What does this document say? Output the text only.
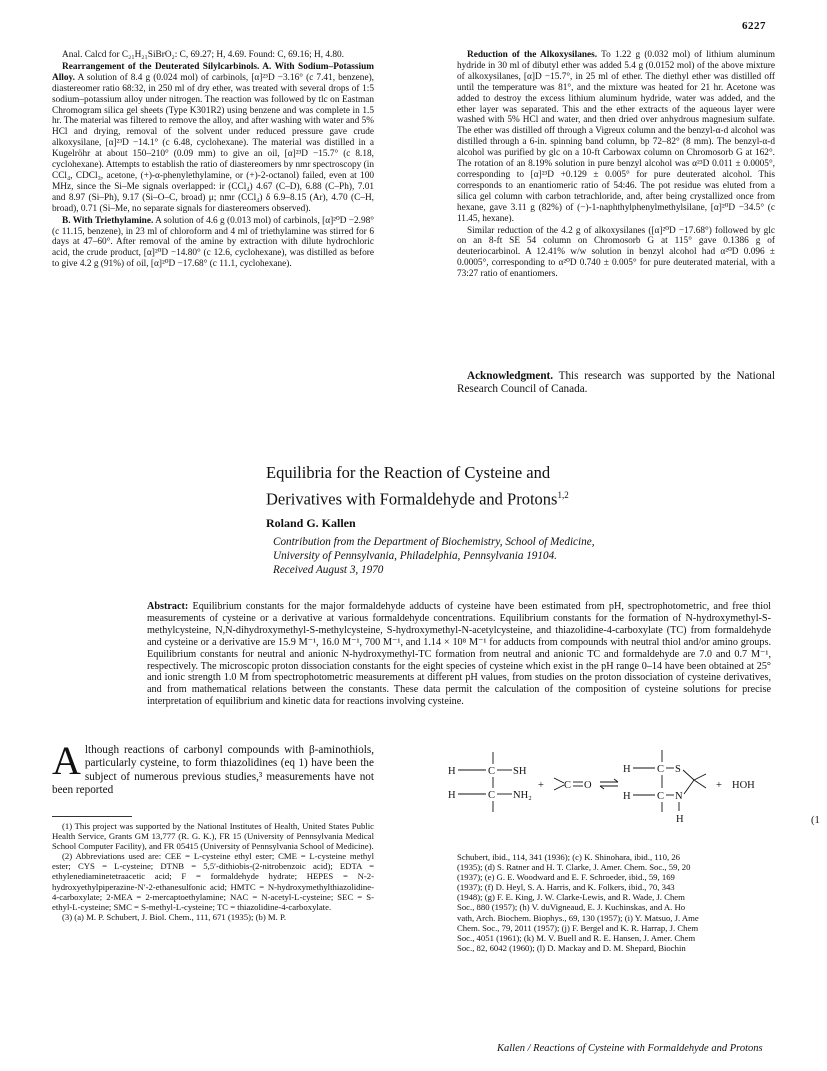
6227

Anal. Calcd for C₂₁H₂₁SiBrO₂: C, 69.27; H, 4.69. Found: C, 69.16; H, 4.80.

Rearrangement of the Deuterated Silylcarbinols. A. With Sodium–Potassium Alloy. A solution of 8.4 g (0.024 mol) of carbinols, [α]²³D −3.16° (c 7.41, benzene), diastereomer ratio 68:32, in 250 ml of dry ether, was treated with several drops of 1:5 sodium–potassium alloy under nitrogen. The reaction was followed by tlc on Eastman Chromogram silica gel sheets (Type K301R2) using benzene and was complete in 1.5 hr. The material was filtered to remove the alloy, and after washing with water and 5% HCl and drying, removal of the solvent under reduced pressure gave crude alkoxysilane, [α]²³D −14.1° (c 6.48, cyclohexane). The material was distilled in a Kugelröhr at about 150–210° (0.09 mm) to give an oil, [α]²³D −15.7° (c 8.18, cyclohexane). Attempts to establish the ratio of diastereomers by nmr spectroscopy (in CCl₄, CDCl₃, acetone, (+)-α-phenylethylamine, or (+)-2-octanol) failed, even at 100 MHz, since the Si–Me signals overlapped: ir (CCl₄) 4.67 (C–D), 6.88 (C–Ph), 7.01 and 8.97 (Si–Ph), 9.17 (Si–O–C, broad) μ; nmr (CCl₄) δ 6.9–8.15 (Ar), 4.70 (C–H, broad), 0.71 (Si–Me, no separate signals for diastereomers observed).

B. With Triethylamine. A solution of 4.6 g (0.013 mol) of carbinols, [α]²⁰D −2.98° (c 11.15, benzene), in 23 ml of chloroform and 4 ml of triethylamine was stirred for 6 days at 47–60°. After removal of the amine by extraction with dilute hydrochloric acid, the crude product, [α]²⁰D −14.80° (c 12.6, cyclohexane), was distilled as before to give 4.2 g (91%) of oil, [α]²⁰D −17.68° (c 11.1, cyclohexane).

Reduction of the Alkoxysilanes. To 1.22 g (0.032 mol) of lithium aluminum hydride in 30 ml of dibutyl ether was added 5.4 g (0.0152 mol) of the above mixture of alkoxysilanes, [α]D −15.7°, in 25 ml of ether. The diethyl ether was distilled off until the temperature was 81°, and the mixture was heated for 21 hr. Acetone was added to destroy the excess lithium aluminum hydride, water was added, and the ether layer was separated. This and the ether extracts of the aqueous layer were washed with 5% HCl and water, and then dried over anhydrous magnesium sulfate. The ether was distilled off through a Vigreux column and the benzyl-α-d alcohol was distilled through a 6-in. spinning band column, bp 72–82° (8 mm). The benzyl-α-d alcohol was purified by glc on a 10-ft Carbowax column on Chromosorb G at 162°. The rotation of an 8.19% solution in pure benzyl alcohol was α²³D 0.011 ± 0.0005°, corresponding to [α]²³D +0.129 ± 0.005° for pure deuterated alcohol. This corresponds to an enantiomeric ratio of 54:46. The pot residue was eluted from a silica gel column with carbon tetrachloride, and, after being crystallized once from hexane, gave 3.11 g (82%) of (−)-1-naphthylphenylmethylsilane, [α]²⁰D −34.5° (c 11.45, hexane).

Similar reduction of the 4.2 g of alkoxysilanes ([α]²⁰D −17.68°) followed by glc on an 8-ft SE 54 column on Chromosorb G at 115° gave 0.1386 g of deuteriocarbinol. A 12.41% w/w solution in benzyl alcohol had α²⁰D 0.096 ± 0.0005°, corresponding to α²⁰D 0.740 ± 0.005° for pure deuterated material, with a 73:27 ratio of enantiomers.

Acknowledgment. This research was supported by the National Research Council of Canada.
Equilibria for the Reaction of Cysteine and
Derivatives with Formaldehyde and Protons$^{1,2}$
Roland G. Kallen
Contribution from the Department of Biochemistry, School of Medicine,
University of Pennsylvania, Philadelphia, Pennsylvania 19104.
Received August 3, 1970
Abstract: Equilibrium constants for the major formaldehyde adducts of cysteine have been estimated from pH, spectrophotometric, and free thiol measurements of cysteine or a derivative at various formaldehyde concentrations. Equilibrium constants for the formation of N-hydroxymethyl-S-methylcysteine, N,N-dihydroxymethyl-S-methylcysteine, S-hydroxymethyl-N-acetylcysteine, and thiazolidine-4-carboxylate (TC) from formaldehyde and cysteine or a derivative are 15.9 M⁻¹, 16.0 M⁻¹, 700 M⁻¹, and 1.14 × 10⁸ M⁻¹ for adducts from compounds with neutral thiol and/or amino groups. Equilibrium constants for neutral and anionic N-hydroxymethyl-TC formation from neutral and anionic TC and formaldehyde are 7.0 and 0.7 M⁻¹, respectively. The microscopic proton dissociation constants for the eight species of cysteine which exist in the pH range 0–14 have been obtained at 25° and ionic strength 1.0 M from spectrophotometric measurements at different pH values, from studies on the proton dissociation of cysteine derivatives, and from mathematical relations between the constants. These data permit the calculation of the composition of cysteine solutions for precise interpretation of equilibrium and kinetic data for reactions involving cysteine.
Although reactions of carbonyl compounds with β-aminothiols, particularly cysteine, to form thiazolidines (eq 1) have been the subject of numerous previous studies,³ measurements have not been reported

(1) This project was supported by the National Institutes of Health, United States Public Health Service, Grants GM 13,777 (R. G. K.), FR 15 (University of Pennsylvania Medical School Computer Facility), and FR 05415 (University of Pennsylvania School of Medicine).

(2) Abbreviations used are: CEE = L-cysteine ethyl ester; CME = L-cysteine methyl ester; CYS = L-cysteine; DTNB = 5,5′-dithiobis-(2-nitrobenzoic acid); EDTA = ethylenediaminetetraacetic acid; F = formaldehyde hydrate; HEPES = N-2-hydroxyethylpiperazine-N′-2-ethanesulfonic acid; HMTC = N-hydroxymethylthiazolidine-4-carboxylate; 2-MEA = 2-mercaptoethylamine; NAC = N-acetyl-L-cysteine; SEC = S-ethyl-L-cysteine; SMC = S-methyl-L-cysteine; TC = thiazolidine-4-carboxylate.

(3) (a) M. P. Schubert, J. Biol. Chem., 111, 671 (1935); (b) M. P.

H	C SH
H	C NH₂
+ C O
H	C S
H	C N
H
+ HOH
(1
Schubert, ibid., 114, 341 (1936); (c) K. Shinohara, ibid., 110, 26
(1935); (d) S. Ratner and H. T. Clarke, J. Amer. Chem. Soc., 59, 20
(1937); (e) G. E. Woodward and E. F. Schroeder, ibid., 59, 169
(1937); (f) D. Heyl, S. A. Harris, and K. Folkers, ibid., 70, 343
(1948); (g) F. E. King, J. W. Clarke-Lewis, and R. Wade, J. Chem
Soc., 880 (1957); (h) V. duVigneaud, E. J. Kuchinskas, and A. Ho
vath, Arch. Biochem. Biophys., 69, 130 (1957); (i) Y. Matsuo, J. Ame
Chem. Soc., 79, 2011 (1957); (j) F. Bergel and K. R. Harrap, J. Chem
Soc., 4051 (1961); (k) M. V. Buell and R. E. Hansen, J. Amer. Chem
Soc., 82, 6042 (1960); (l) D. Mackay and D. M. Shepard, Biochin
Kallen / Reactions of Cysteine with Formaldehyde and Protons
